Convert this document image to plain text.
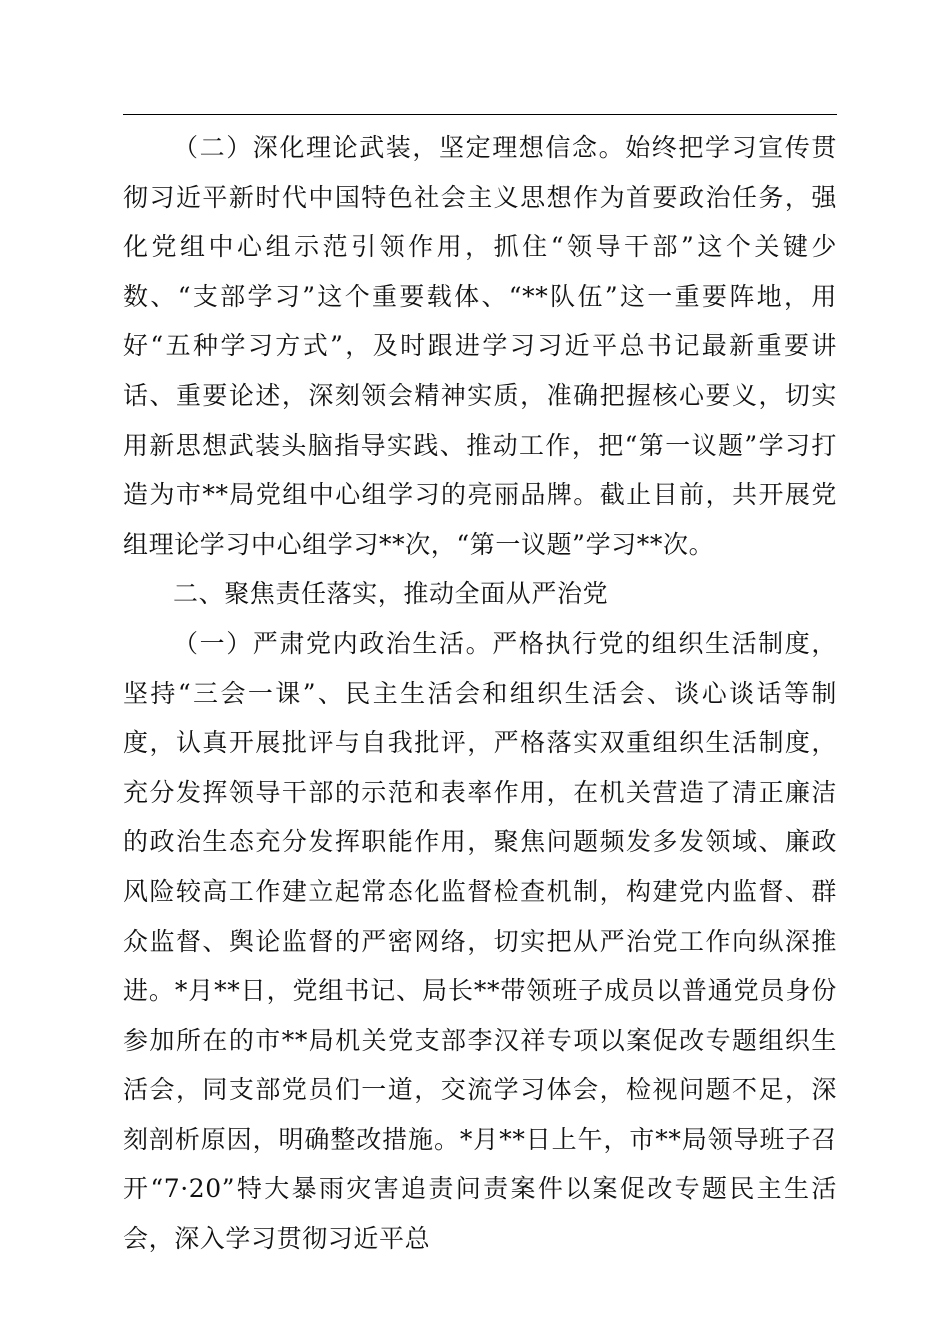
（二）深化理论武装，坚定理想信念。始终把学习宣传贯彻习近平新时代中国特色社会主义思想作为首要政治任务，强化党组中心组示范引领作用，抓住“领导干部”这个关键少数、“支部学习”这个重要载体、“**队伍”这一重要阵地，用好“五种学习方式”，及时跟进学习习近平总书记最新重要讲话、重要论述，深刻领会精神实质，准确把握核心要义，切实用新思想武装头脑指导实践、推动工作，把“第一议题”学习打造为市**局党组中心组学习的亮丽品牌。截止目前，共开展党组理论学习中心组学习**次，“第一议题”学习**次。

二、聚焦责任落实，推动全面从严治党

（一）严肃党内政治生活。严格执行党的组织生活制度，坚持“三会一课”、民主生活会和组织生活会、谈心谈话等制度，认真开展批评与自我批评，严格落实双重组织生活制度，充分发挥领导干部的示范和表率作用，在机关营造了清正廉洁的政治生态充分发挥职能作用，聚焦问题频发多发领域、廉政风险较高工作建立起常态化监督检查机制，构建党内监督、群众监督、舆论监督的严密网络，切实把从严治党工作向纵深推进。*月**日，党组书记、局长**带领班子成员以普通党员身份参加所在的市**局机关党支部李汉祥专项以案促改专题组织生活会，同支部党员们一道，交流学习体会，检视问题不足，深刻剖析原因，明确整改措施。*月**日上午，市**局领导班子召开“7·20”特大暴雨灾害追责问责案件以案促改专题民主生活会，深入学习贯彻习近平总
